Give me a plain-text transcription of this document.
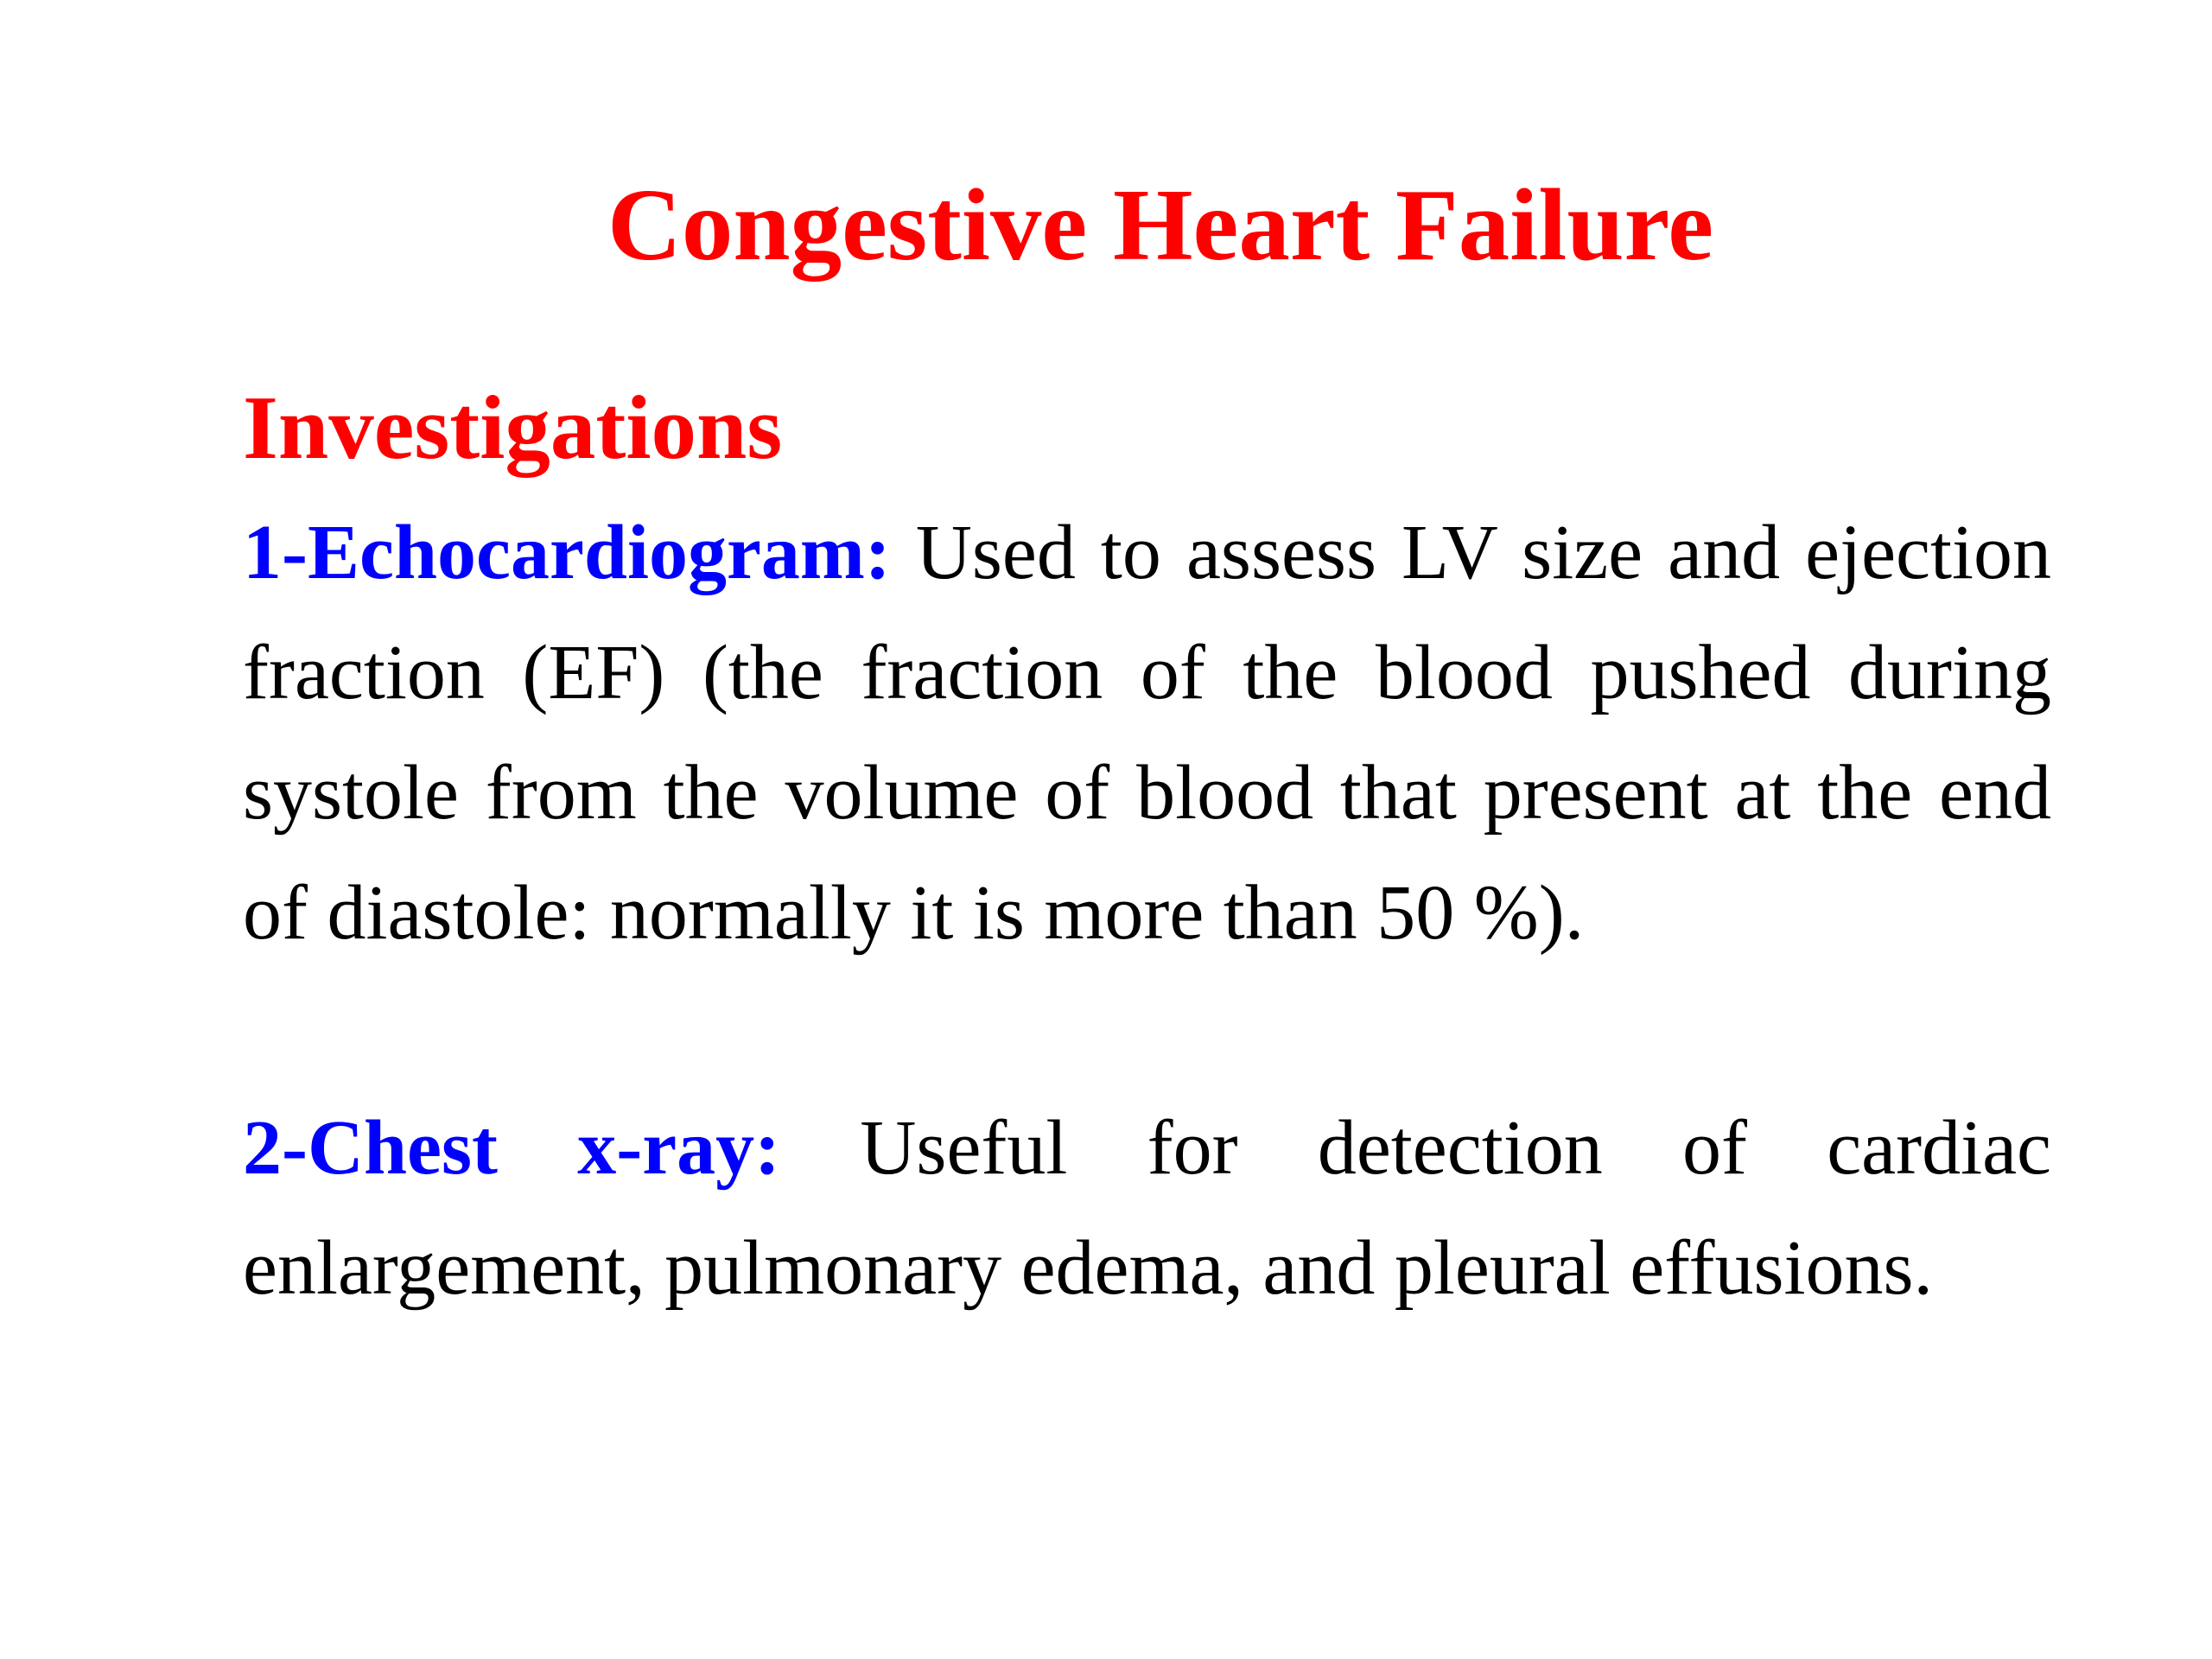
Congestive Heart Failure
Investigations

1-Echocardiogram: Used to assess LV size and ejection fraction (EF) (the fraction of the blood pushed during systole from the volume of blood that present at the end of diastole: normally it is more than 50 %).

2-Chest x-ray: Useful for detection of cardiac enlargement, pulmonary edema, and pleural effusions.
